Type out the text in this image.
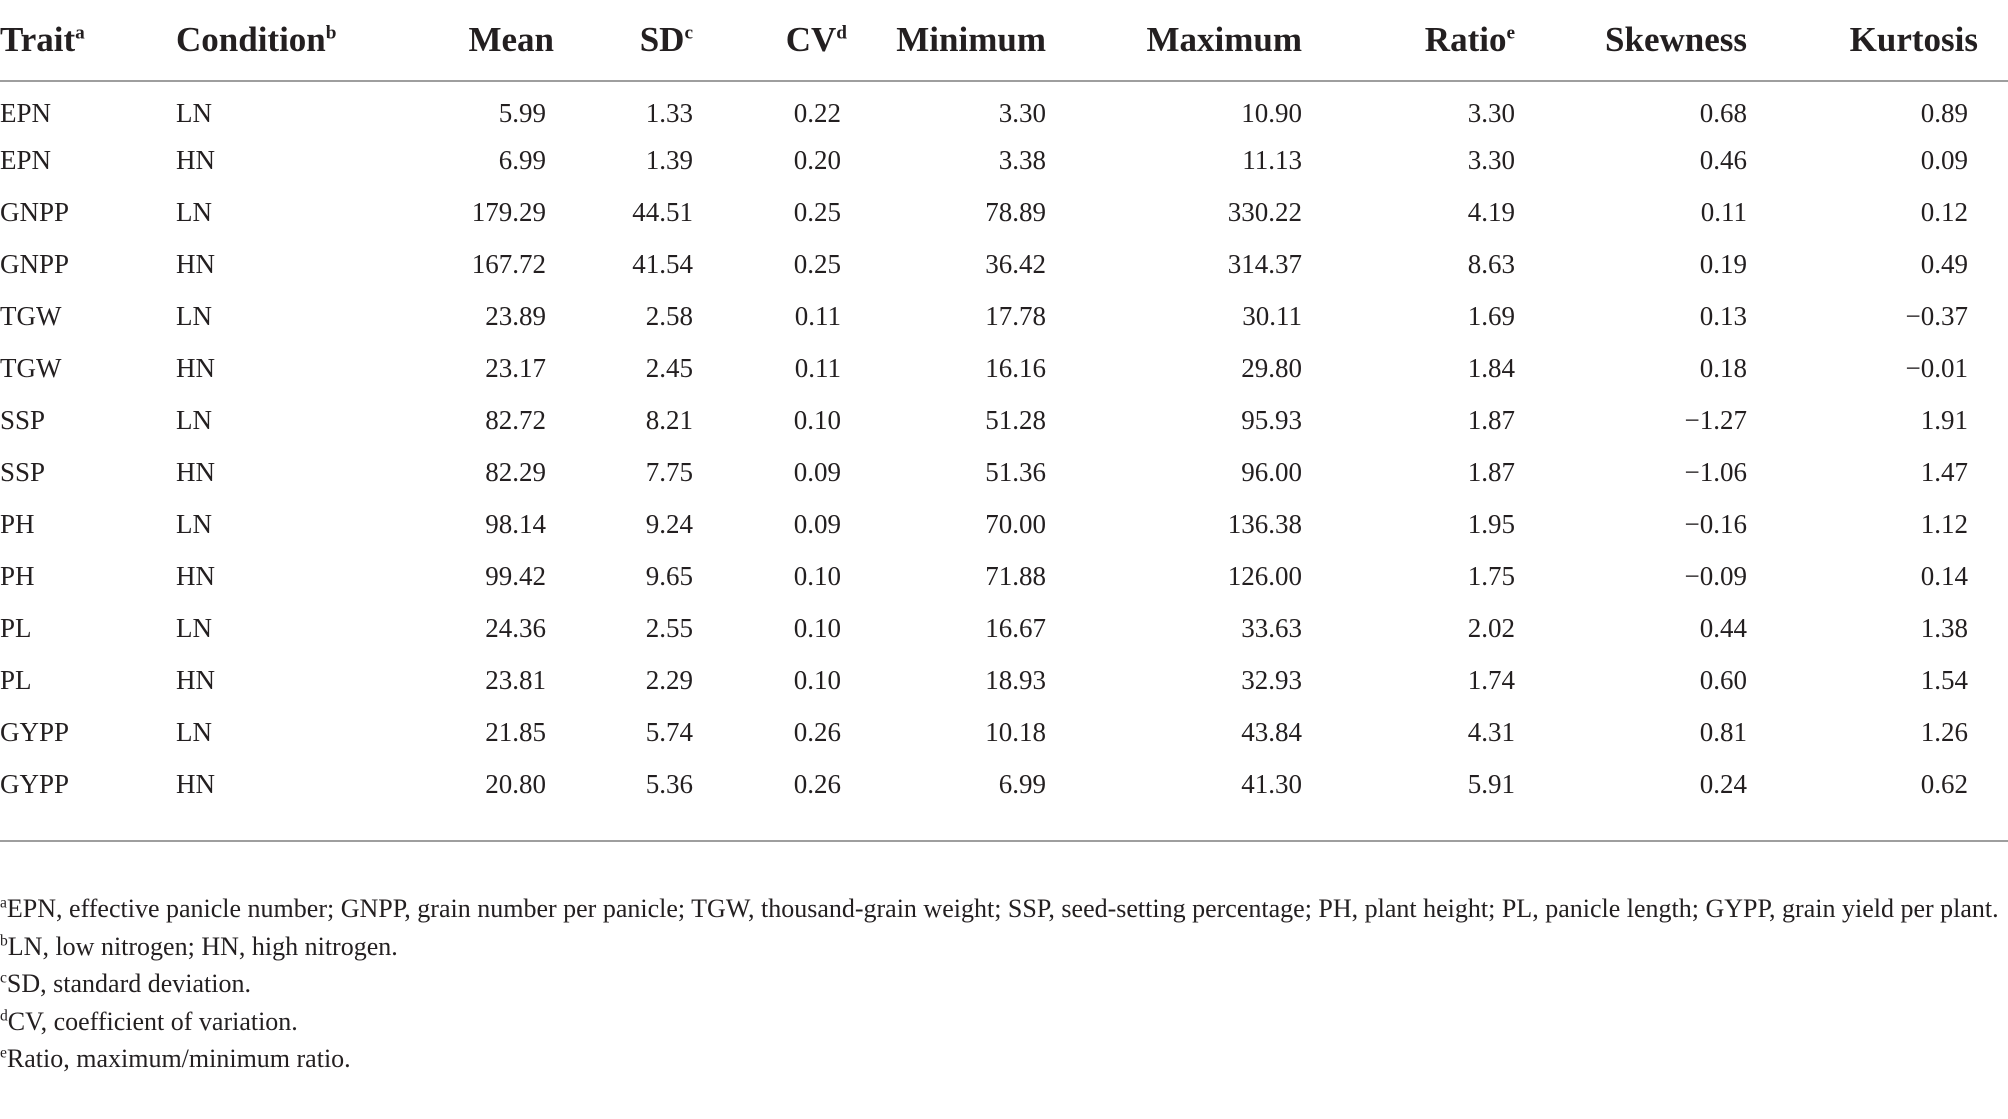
Trait$^a$	Condition$^b$	Mean	$SD^c$	$CV^d$	Minimum	Maximum	Ratio$^e$	Skewness	Kurtosis
EPN	LN	5.99	1.33	0.22	3.30	10.90	3.30	0.68	0.89
EPN	HN	6.99	1.39	0.20	3.38	11.13	3.30	0.46	0.09
GNPP	LN	179.29	44.51	0.25	78.89	330.22	4.19	0.11	0.12
GNPP	HN	167.72	41.54	0.25	36.42	314.37	8.63	0.19	0.49
TGW	LN	23.89	2.58	0.11	17.78	30.11	1.69	0.13	−0.37
TGW	HN	23.17	2.45	0.11	16.16	29.80	1.84	0.18	−0.01
SSP	LN	82.72	8.21	0.10	51.28	95.93	1.87	−1.27	1.91
SSP	HN	82.29	7.75	0.09	51.36	96.00	1.87	−1.06	1.47
PH	LN	98.14	9.24	0.09	70.00	136.38	1.95	−0.16	1.12
PH	HN	99.42	9.65	0.10	71.88	126.00	1.75	−0.09	0.14
PL	LN	24.36	2.55	0.10	16.67	33.63	2.02	0.44	1.38
PL	HN	23.81	2.29	0.10	18.93	32.93	1.74	0.60	1.54
GYPP	LN	21.85	5.74	0.26	10.18	43.84	4.31	0.81	1.26
GYPP	HN	20.80	5.36	0.26	6.99	41.30	5.91	0.24	0.62

$^a$EPN, effective panicle number; GNPP, grain number per panicle; TGW, thousand-grain weight; SSP, seed-setting percentage; PH, plant height; PL, panicle length; GYPP, grain yield per plant.

$^b$LN, low nitrogen; HN, high nitrogen.

$^c$SD, standard deviation.

$^d$CV, coefficient of variation.

$^e$Ratio, maximum/minimum ratio.
